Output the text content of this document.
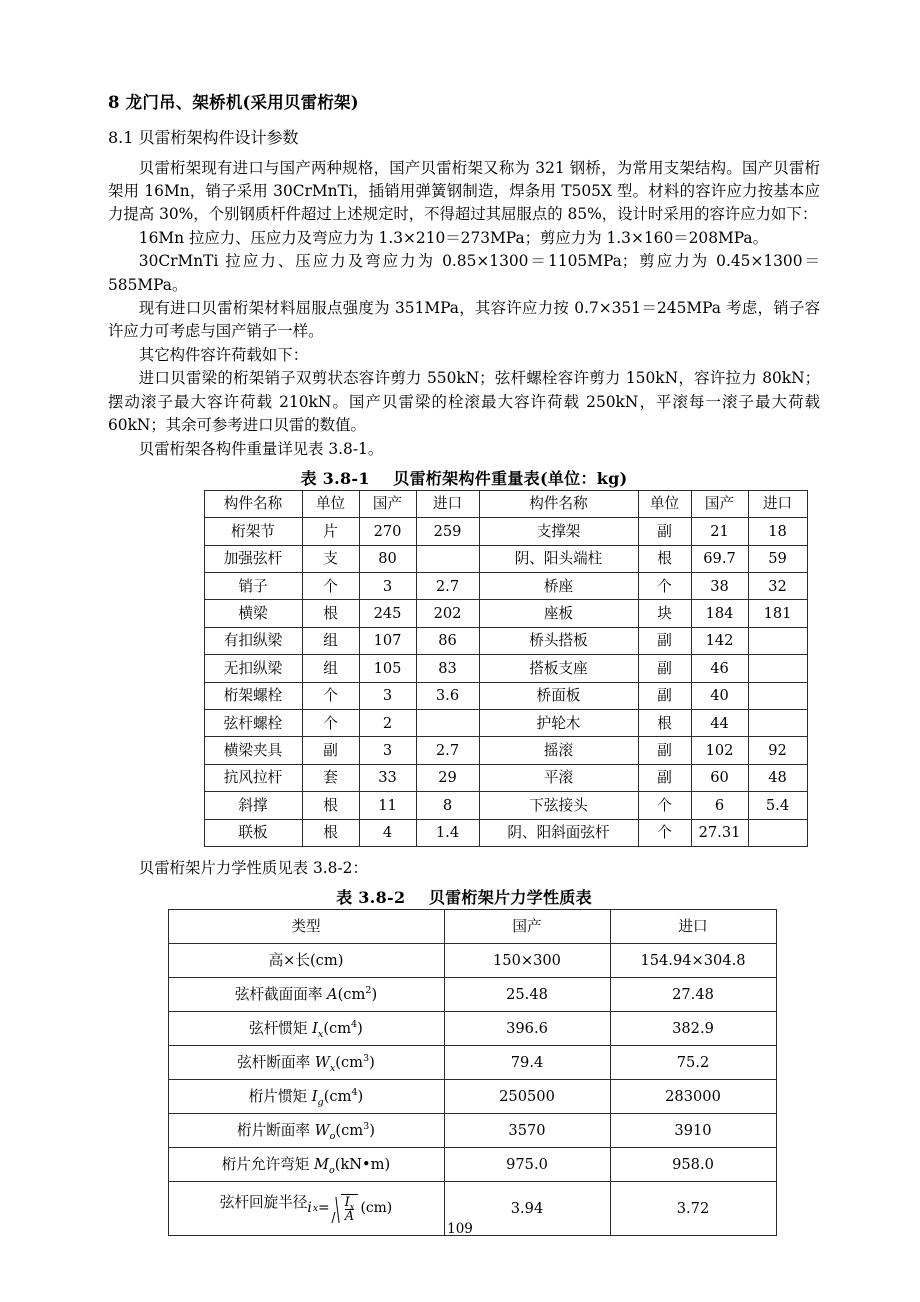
8 龙门吊、架桥机(采用贝雷桁架)
8.1 贝雷桁架构件设计参数

贝雷桁架现有进口与国产两种规格，国产贝雷桁架又称为 321 钢桥，为常用支架结构。国产贝雷桁架用 16Mn，销子采用 30CrMnTi，插销用弹簧钢制造，焊条用 T505X 型。材料的容许应力按基本应力提高 30%，个别钢质杆件超过上述规定时，不得超过其屈服点的 85%，设计时采用的容许应力如下：

16Mn 拉应力、压应力及弯应力为 1.3×210＝273MPa；剪应力为 1.3×160＝208MPa。

30CrMnTi 拉应力、压应力及弯应力为 0.85×1300＝1105MPa；剪应力为 0.45×1300＝585MPa。

现有进口贝雷桁架材料屈服点强度为 351MPa，其容许应力按 0.7×351＝245MPa 考虑，销子容许应力可考虑与国产销子一样。

其它构件容许荷载如下：

进口贝雷梁的桁架销子双剪状态容许剪力 550kN；弦杆螺栓容许剪力 150kN，容许拉力 80kN；摆动滚子最大容许荷载 210kN。国产贝雷梁的栓滚最大容许荷载 250kN，平滚每一滚子最大荷载 60kN；其余可参考进口贝雷的数值。

贝雷桁架各构件重量详见表 3.8-1。

表 3.8-1 贝雷桁架构件重量表(单位：kg)
构件名称	单位	国产	进口	构件名称	单位	国产	进口
桁架节	片	270	259	支撑架	副	21	18
加强弦杆	支	80		阴、阳头端柱	根	69.7	59
销子	个	3	2.7	桥座	个	38	32
横梁	根	245	202	座板	块	184	181
有扣纵梁	组	107	86	桥头搭板	副	142	
无扣纵梁	组	105	83	搭板支座	副	46	
桁架螺栓	个	3	3.6	桥面板	副	40	
弦杆螺栓	个	2		护轮木	根	44	
横梁夹具	副	3	2.7	摇滚	副	102	92
抗风拉杆	套	33	29	平滚	副	60	48
斜撑	根	11	8	下弦接头	个	6	5.4
联板	根	4	1.4	阴、阳斜面弦杆	个	27.31	

贝雷桁架片力学性质见表 3.8-2：

表 3.8-2 贝雷桁架片力学性质表
类型	国产	进口
高×长(cm)	150×300	154.94×304.8
弦杆截面面率 $A(cm^2)$	25.48	27.48
弦杆惯矩 $I_x(cm^4)$	396.6	382.9
弦杆断面率 $W_x(cm^3)$	79.4	75.2
桁片惯矩 $I_g(cm^4)$	250500	283000
桁片断面率 $W_o(cm^3)$	3570	3910
桁片允许弯矩 $M_o(kN•m)$	975.0	958.0
弦杆回旋半径 i $x = \frac{I_x}{A} (cm)$	3.94	3.72
109
